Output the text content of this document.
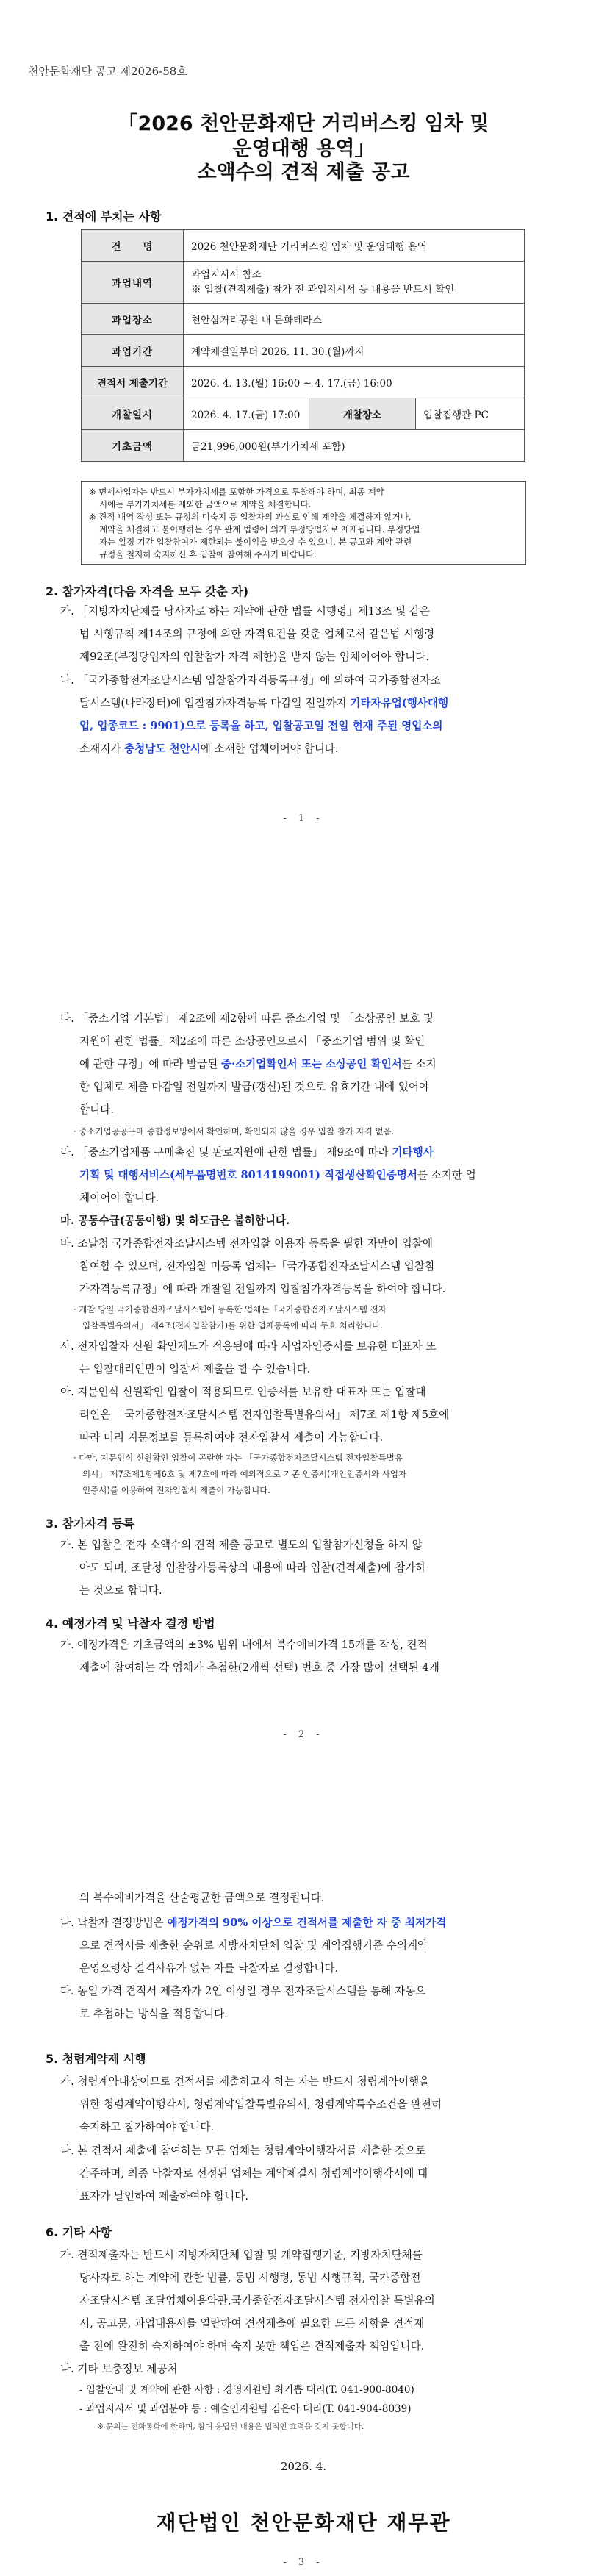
천안문화재단 공고 제2026-58호
「2026 천안문화재단 거리버스킹 임차 및
운영대행 용역」
소액수의 견적 제출 공고
1. 견적에 부치는 사항
건　　명	2026 천안문화재단 거리버스킹 임차 및 운영대행 용역		
과업내역	과업지시서 참조
※ 입찰(견적제출) 참가 전 과업지시서 등 내용을 반드시 확인		

과업장소	천안삼거리공원 내 문화테라스		
과업기간	계약체결일부터 2026. 11. 30.(월)까지		
견적서 제출기간	2026. 4. 13.(월) 16:00 ~ 4. 17.(금) 16:00		
개찰일시	2026. 4. 17.(금) 17:00	개찰장소	입찰집행관 PC
기초금액	금21,996,000원(부가가치세 포함)		
※ 면세사업자는 반드시 부가가치세를 포함한 가격으로 투찰해야 하며, 최종 계약
시에는 부가가치세를 제외한 금액으로 계약을 체결합니다.
※ 견적 내역 작성 또는 규정의 미숙지 등 입찰자의 과실로 인해 계약을 체결하지 않거나,
계약을 체결하고 불이행하는 경우 관계 법령에 의거 부정당업자로 제재됩니다. 부정당업
자는 일정 기간 입찰참여가 제한되는 불이익을 받으실 수 있으니, 본 공고와 계약 관련
규정을 철저히 숙지하신 후 입찰에 참여해 주시기 바랍니다.
2. 참가자격(다음 자격을 모두 갖춘 자)
가. 「지방자치단체를 당사자로 하는 계약에 관한 법률 시행령」제13조 및 같은
법 시행규칙 제14조의 규정에 의한 자격요건을 갖춘 업체로서 같은법 시행령
제92조(부정당업자의 입찰참가 자격 제한)을 받지 않는 업체이어야 합니다.
나. 「국가종합전자조달시스템 입찰참가자격등록규정」에 의하여 국가종합전자조
달시스템(나라장터)에 입찰참가자격등록 마감일 전일까지 기타자유업(행사대행
업, 업종코드 : 9901)으로 등록을 하고, 입찰공고일 전일 현재 주된 영업소의
소재지가 충청남도 천안시에 소재한 업체이어야 합니다.
- 1 -
다. 「중소기업 기본법」 제2조에 제2항에 따른 중소기업 및 「소상공인 보호 및
지원에 관한 법률」제2조에 따른 소상공인으로서 「중소기업 범위 및 확인
에 관한 규정」에 따라 발급된 중·소기업확인서 또는 소상공인 확인서를 소지
한 업체로 제출 마감일 전일까지 발급(갱신)된 것으로 유효기간 내에 있어야
합니다.
· 중소기업공공구매 종합정보망에서 확인하며, 확인되지 않을 경우 입찰 참가 자격 없음.
라. 「중소기업제품 구매촉진 및 판로지원에 관한 법률」 제9조에 따라 기타행사
기획 및 대행서비스(세부품명번호 8014199001) 직접생산확인증명서를 소지한 업
체이어야 합니다.
마. 공동수급(공동이행) 및 하도급은 불허합니다.
바. 조달청 국가종합전자조달시스템 전자입찰 이용자 등록을 필한 자만이 입찰에
참여할 수 있으며, 전자입찰 미등록 업체는「국가종합전자조달시스템 입찰참
가자격등록규정」에 따라 개찰일 전일까지 입찰참가자격등록을 하여야 합니다.
· 개찰 당일 국가종합전자조달시스템에 등록한 업체는「국가종합전자조달시스템 전자
입찰특별유의서」 제4조(전자입찰참가)를 위한 업체등록에 따라 무효 처리합니다.
사. 전자입찰자 신원 확인제도가 적용됨에 따라 사업자인증서를 보유한 대표자 또
는 입찰대리인만이 입찰서 제출을 할 수 있습니다.
아. 지문인식 신원확인 입찰이 적용되므로 인증서를 보유한 대표자 또는 입찰대
리인은 「국가종합전자조달시스템 전자입찰특별유의서」 제7조 제1항 제5호에
따라 미리 지문정보를 등록하여야 전자입찰서 제출이 가능합니다.
· 다만, 지문인식 신원확인 입찰이 곤란한 자는 「국가종합전자조달시스템 전자입찰특별유
의서」 제7조제1항제6호 및 제7호에 따라 예외적으로 기존 인증서(개인인증서와 사업자
인증서)를 이용하여 전자입찰서 제출이 가능합니다.
3. 참가자격 등록
가. 본 입찰은 전자 소액수의 견적 제출 공고로 별도의 입찰참가신청을 하지 않
아도 되며, 조달청 입찰참가등록상의 내용에 따라 입찰(견적제출)에 참가하
는 것으로 합니다.
4. 예정가격 및 낙찰자 결정 방법
가. 예정가격은 기초금액의 ±3% 범위 내에서 복수예비가격 15개를 작성, 견적
제출에 참여하는 각 업체가 추첨한(2개씩 선택) 번호 중 가장 많이 선택된 4개
- 2 -
의 복수예비가격을 산술평균한 금액으로 결정됩니다.
나. 낙찰자 결정방법은 예정가격의 90% 이상으로 견적서를 제출한 자 중 최저가격
으로 견적서를 제출한 순위로 지방자치단체 입찰 및 계약집행기준 수의계약
운영요령상 결격사유가 없는 자를 낙찰자로 결정합니다.
다. 동일 가격 견적서 제출자가 2인 이상일 경우 전자조달시스템을 통해 자동으
로 추첨하는 방식을 적용합니다.
5. 청렴계약제 시행
가. 청렴계약대상이므로 견적서를 제출하고자 하는 자는 반드시 청렴계약이행을
위한 청렴계약이행각서, 청렴계약입찰특별유의서, 청렴계약특수조건을 완전히
숙지하고 참가하여야 합니다.
나. 본 견적서 제출에 참여하는 모든 업체는 청렴계약이행각서를 제출한 것으로
간주하며, 최종 낙찰자로 선정된 업체는 계약체결시 청렴계약이행각서에 대
표자가 날인하여 제출하여야 합니다.
6. 기타 사항
가. 견적제출자는 반드시 지방자치단체 입찰 및 계약집행기준, 지방자치단체를
당사자로 하는 계약에 관한 법률, 동법 시행령, 동법 시행규칙, 국가종합전
자조달시스템 조달업체이용약관,국가종합전자조달시스템 전자입찰 특별유의
서, 공고문, 과업내용서를 열람하여 견적제출에 필요한 모든 사항을 견적제
출 전에 완전히 숙지하여야 하며 숙지 못한 책임은 견적제출자 책임입니다.
나. 기타 보충정보 제공처
- 입찰안내 및 계약에 관한 사항 : 경영지원팀 최기쁨 대리(T. 041-900-8040)
- 과업지시서 및 과업분야 등 : 예술인지원팀 김은아 대리(T. 041-904-8039)
※ 문의는 전화통화에 한하며, 참여 응답된 내용은 법적인 효력을 갖지 못합니다.
2026. 4.
재단법인 천안문화재단 재무관
- 3 -
